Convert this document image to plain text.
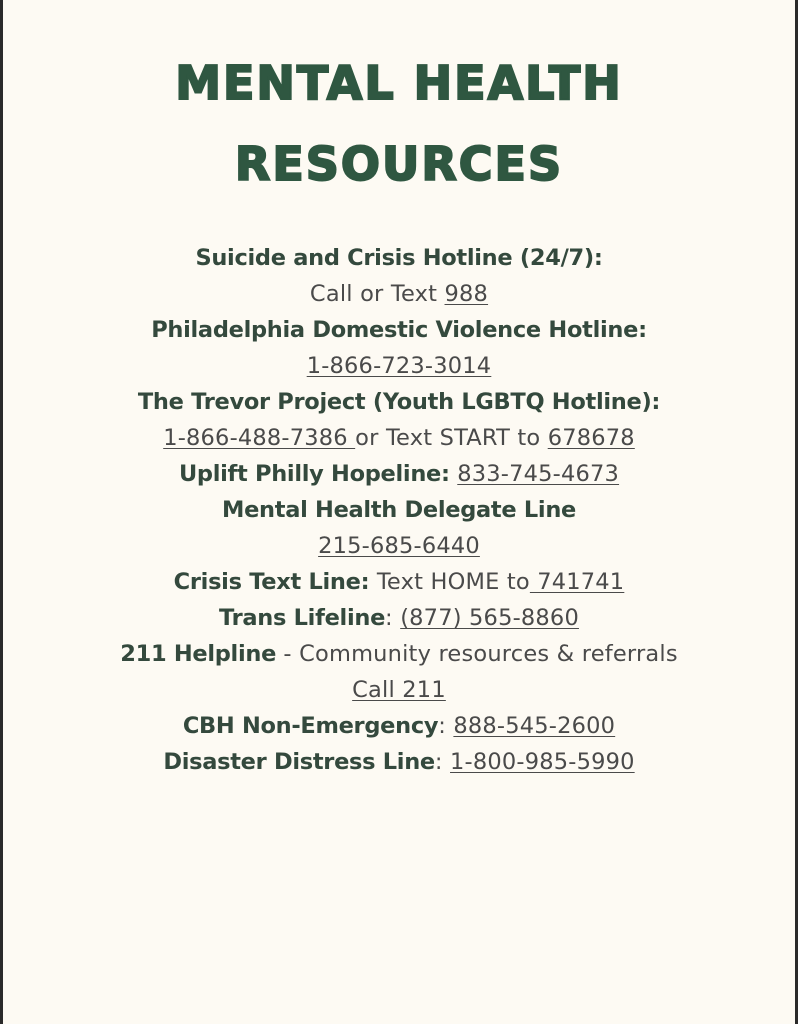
MENTAL HEALTH
RESOURCES
Suicide and Crisis Hotline (24/7):
Call or Text 988
Philadelphia Domestic Violence Hotline:
1-866-723-3014
The Trevor Project (Youth LGBTQ Hotline):
1-866-488-7386 or Text START to 678678
Uplift Philly Hopeline: 833-745-4673
Mental Health Delegate Line
215-685-6440
Crisis Text Line: Text HOME to 741741
Trans Lifeline: (877) 565-8860
211 Helpline - Community resources & referrals
Call 211
CBH Non-Emergency: 888-545-2600
Disaster Distress Line: 1-800-985-5990
